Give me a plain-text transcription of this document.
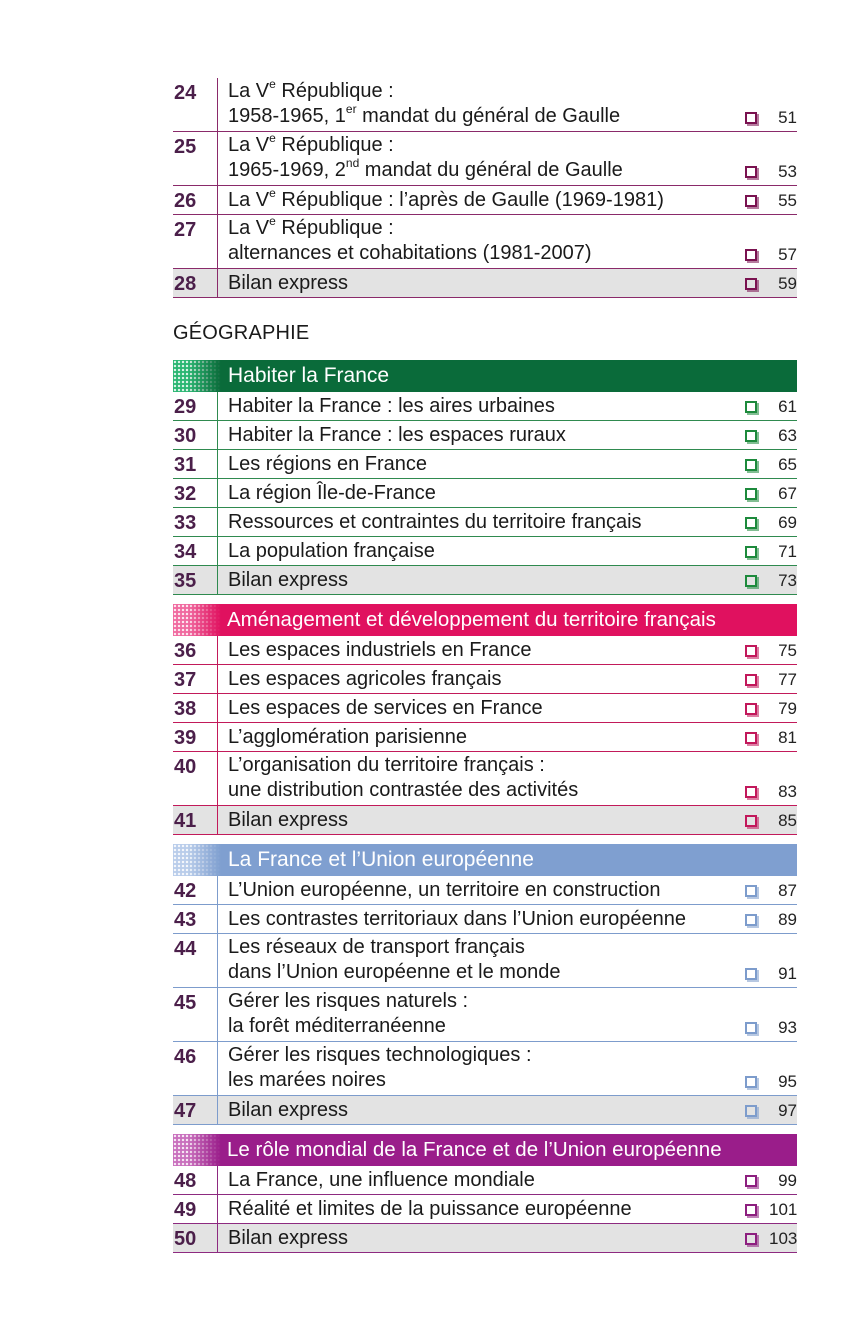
24	La Ve République :
1958-1965, 1er mandat du général de Gaulle	51
25	La Ve République :
1965-1969, 2nd mandat du général de Gaulle	53
26	La Ve République : l’après de Gaulle (1969-1981)	55
27	La Ve République :
alternances et cohabitations (1981-2007)	57
28	Bilan express	59
GÉOGRAPHIE
Habiter la France
29	Habiter la France : les aires urbaines	61
30	Habiter la France : les espaces ruraux	63
31	Les régions en France	65
32	La région Île-de-France	67
33	Ressources et contraintes du territoire français	69
34	La population française	71
35	Bilan express	73
Aménagement et développement du territoire français
36	Les espaces industriels en France	75
37	Les espaces agricoles français	77
38	Les espaces de services en France	79
39	L’agglomération parisienne	81
40	L’organisation du territoire français :
une distribution contrastée des activités	83
41	Bilan express	85
La France et l’Union européenne
42	L’Union européenne, un territoire en construction	87
43	Les contrastes territoriaux dans l’Union européenne	89
44	Les réseaux de transport français
dans l’Union européenne et le monde	91
45	Gérer les risques naturels :
la forêt méditerranéenne	93
46	Gérer les risques technologiques :
les marées noires	95
47	Bilan express	97
Le rôle mondial de la France et de l’Union européenne
48	La France, une influence mondiale	99
49	Réalité et limites de la puissance européenne	101
50	Bilan express	103
